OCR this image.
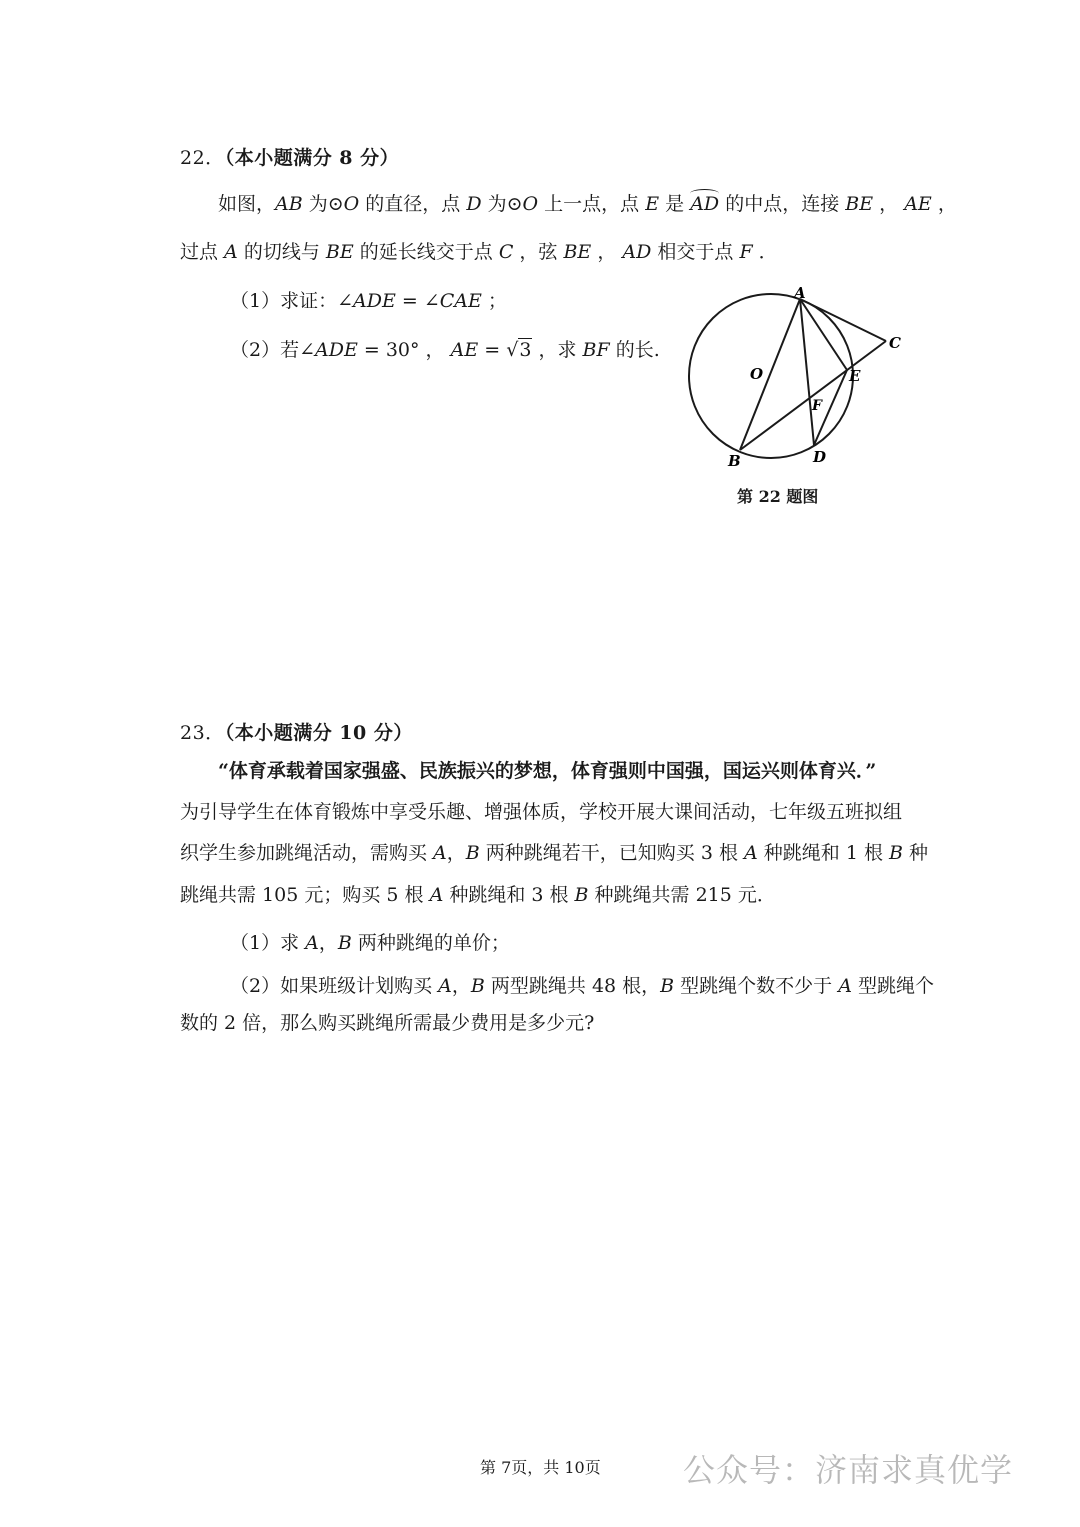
22．（本小题满分 8 分）
如图，AB 为⊙O 的直径，点 D 为⊙O 上一点，点 E 是 AD 的中点，连接 BE ， AE ，
过点 A 的切线与 BE 的延长线交于点 C ，弦 BE ， AD 相交于点 F ．
（1）求证：∠ADE = ∠CAE ；
（2）若∠ADE = 30° ， AE = √3 ，求 BF 的长.
A
B
C
D
E
F
O
第 22 题图
23．（本小题满分 10 分）
“体育承载着国家强盛、民族振兴的梦想，体育强则中国强，国运兴则体育兴．”
为引导学生在体育锻炼中享受乐趣、增强体质，学校开展大课间活动，七年级五班拟组
织学生参加跳绳活动，需购买 A，B 两种跳绳若干，已知购买 3 根 A 种跳绳和 1 根 B 种
跳绳共需 105 元；购买 5 根 A 种跳绳和 3 根 B 种跳绳共需 215 元．
（1）求 A，B 两种跳绳的单价；
（2）如果班级计划购买 A，B 两型跳绳共 48 根，B 型跳绳个数不少于 A 型跳绳个
数的 2 倍，那么购买跳绳所需最少费用是多少元?
第 7页，共 10页	公众号：济南求真优学
